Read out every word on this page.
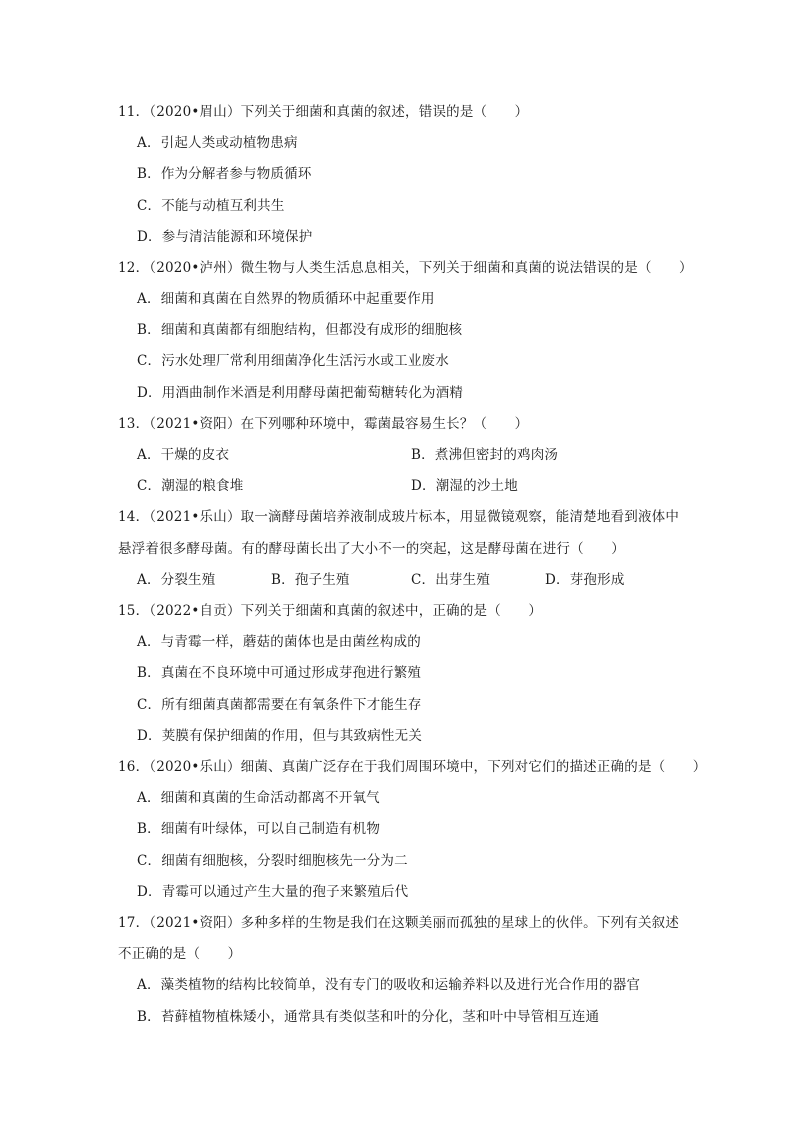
11．（2020•眉山）下列关于细菌和真菌的叙述，错误的是（　　）
A．引起人类或动植物患病
B．作为分解者参与物质循环
C．不能与动植互利共生
D．参与清洁能源和环境保护
12．（2020•泸州）微生物与人类生活息息相关，下列关于细菌和真菌的说法错误的是（　　）
A．细菌和真菌在自然界的物质循环中起重要作用
B．细菌和真菌都有细胞结构，但都没有成形的细胞核
C．污水处理厂常利用细菌净化生活污水或工业废水
D．用酒曲制作米酒是利用酵母菌把葡萄糖转化为酒精
13．（2021•资阳）在下列哪种环境中，霉菌最容易生长？（　　）
A．干燥的皮衣	B．煮沸但密封的鸡肉汤
C．潮湿的粮食堆	D．潮湿的沙土地
14．（2021•乐山）取一滴酵母菌培养液制成玻片标本，用显微镜观察，能清楚地看到液体中
悬浮着很多酵母菌。有的酵母菌长出了大小不一的突起，这是酵母菌在进行（　　）
A．分裂生殖	B．孢子生殖	C．出芽生殖	D．芽孢形成
15．（2022•自贡）下列关于细菌和真菌的叙述中，正确的是（　　）
A．与青霉一样，蘑菇的菌体也是由菌丝构成的
B．真菌在不良环境中可通过形成芽孢进行繁殖
C．所有细菌真菌都需要在有氧条件下才能生存
D．荚膜有保护细菌的作用，但与其致病性无关
16．（2020•乐山）细菌、真菌广泛存在于我们周围环境中，下列对它们的描述正确的是（　　）
A．细菌和真菌的生命活动都离不开氧气
B．细菌有叶绿体，可以自己制造有机物
C．细菌有细胞核，分裂时细胞核先一分为二
D．青霉可以通过产生大量的孢子来繁殖后代
17．（2021•资阳）多种多样的生物是我们在这颗美丽而孤独的星球上的伙伴。下列有关叙述
不正确的是（　　）
A．藻类植物的结构比较简单，没有专门的吸收和运输养料以及进行光合作用的器官
B．苔藓植物植株矮小，通常具有类似茎和叶的分化，茎和叶中导管相互连通
